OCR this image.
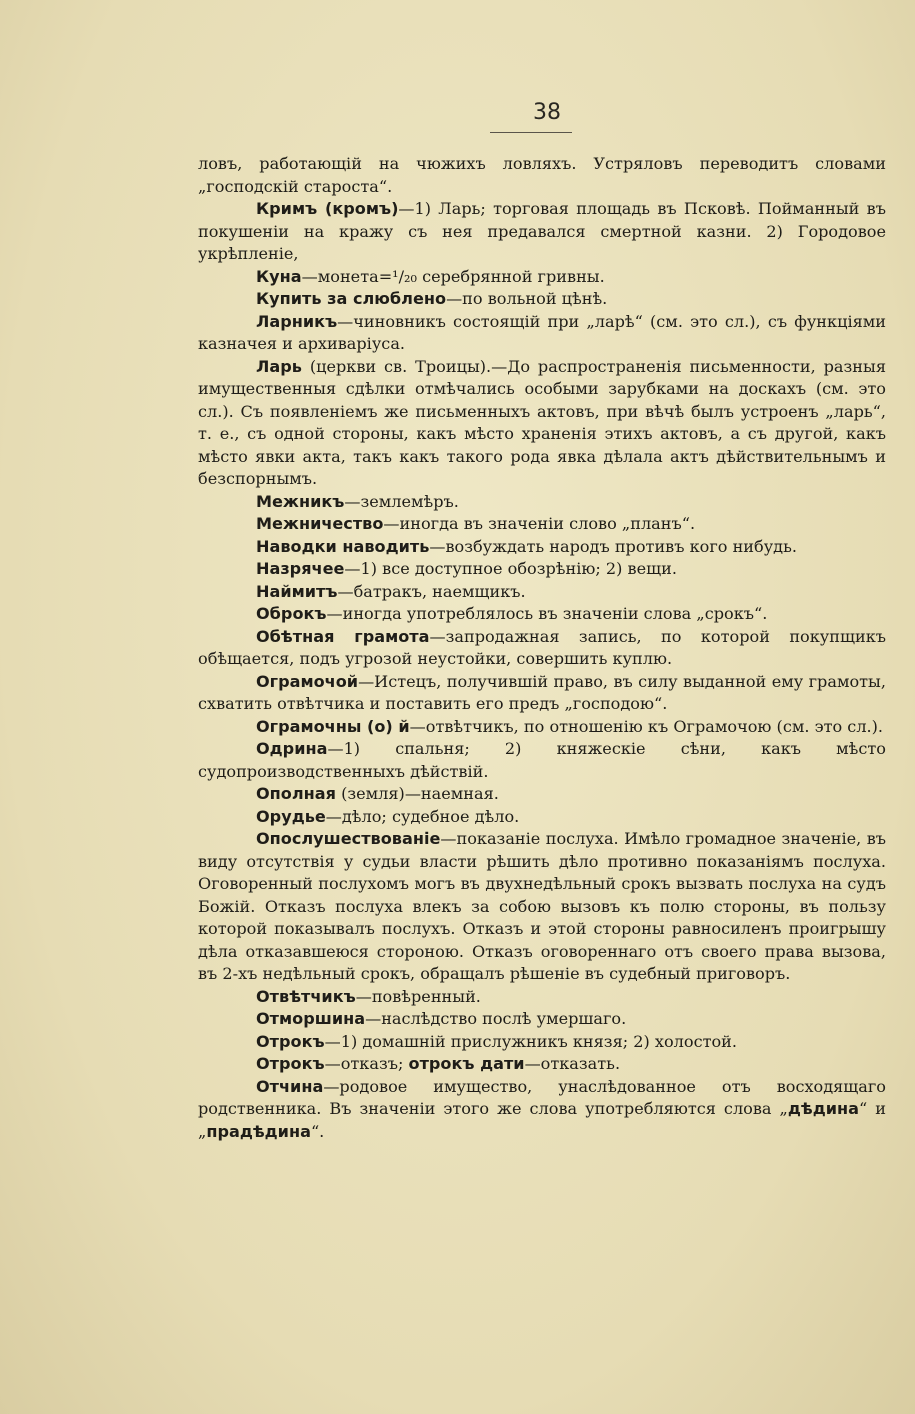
38

ловъ, работающій на чюжихъ ловляхъ. Устряловъ переводитъ словами „господскій староста“.

Кримъ (кромъ)—1) Ларь; торговая площадь въ Псковѣ. Пойманный въ покушеніи на кражу съ нея предавался смертной казни. 2) Городовое укрѣпленіе,

Куна—монета=¹/₂₀ серебрянной гривны.

Купить за слюблено—по вольной цѣнѣ.

Ларникъ—чиновникъ состоящій при „ларѣ“ (см. это сл.), съ функціями казначея и архиваріуса.

Ларь (церкви св. Троицы).—До распространенія письменности, разныя имущественныя сдѣлки отмѣчались особыми зарубками на доскахъ (см. это сл.). Съ появленіемъ же письменныхъ актовъ, при вѣчѣ былъ устроенъ „ларь“, т. е., съ одной стороны, какъ мѣсто храненія этихъ актовъ, а съ другой, какъ мѣсто явки акта, такъ какъ такого рода явка дѣлала актъ дѣйствительнымъ и безспорнымъ.

Межникъ—землемѣръ.

Межничество—иногда въ значеніи слово „планъ“.

Наводки наводить—возбуждать народъ противъ кого нибудь.

Назрячее—1) все доступное обозрѣнію; 2) вещи.

Наймитъ—батракъ, наемщикъ.

Оброкъ—иногда употреблялось въ значеніи слова „срокъ“.

Обѣтная грамота—запродажная запись, по которой покупщикъ обѣщается, подъ угрозой неустойки, совершить куплю.

Ограмочой—Истецъ, получившій право, въ силу выданной ему грамоты, схватить отвѣтчика и поставить его предъ „господою“.

Ограмочны (о) й—отвѣтчикъ, по отношенію къ Ограмочою (см. это сл.).

Одрина—1) спальня; 2) княжескіе сѣни, какъ мѣсто судопроизводственныхъ дѣйствій.

Ополная (земля)—наемная.

Орудье—дѣло; судебное дѣло.

Опослушествованіе—показаніе послуха. Имѣло громадное значеніе, въ виду отсутствія у судьи власти рѣшить дѣло противно показаніямъ послуха. Оговоренный послухомъ могъ въ двухнедѣльный срокъ вызвать послуха на судъ Божій. Отказъ послуха влекъ за собою вызовъ къ полю стороны, въ пользу которой показывалъ послухъ. Отказъ и этой стороны равносиленъ проигрышу дѣла отказавшеюся стороною. Отказъ оговореннаго отъ своего права вызова, въ 2-хъ недѣльный срокъ, обращалъ рѣшеніе въ судебный приговоръ.

Отвѣтчикъ—повѣренный.

Отморшина—наслѣдство послѣ умершаго.

Отрокъ—1) домашній прислужникъ князя; 2) холостой.

Отрокъ—отказъ; отрокъ дати—отказать.

Отчина—родовое имущество, унаслѣдованное отъ восходящаго родственника. Въ значеніи этого же слова употребляются слова „дѣдина“ и „прадѣдина“.
